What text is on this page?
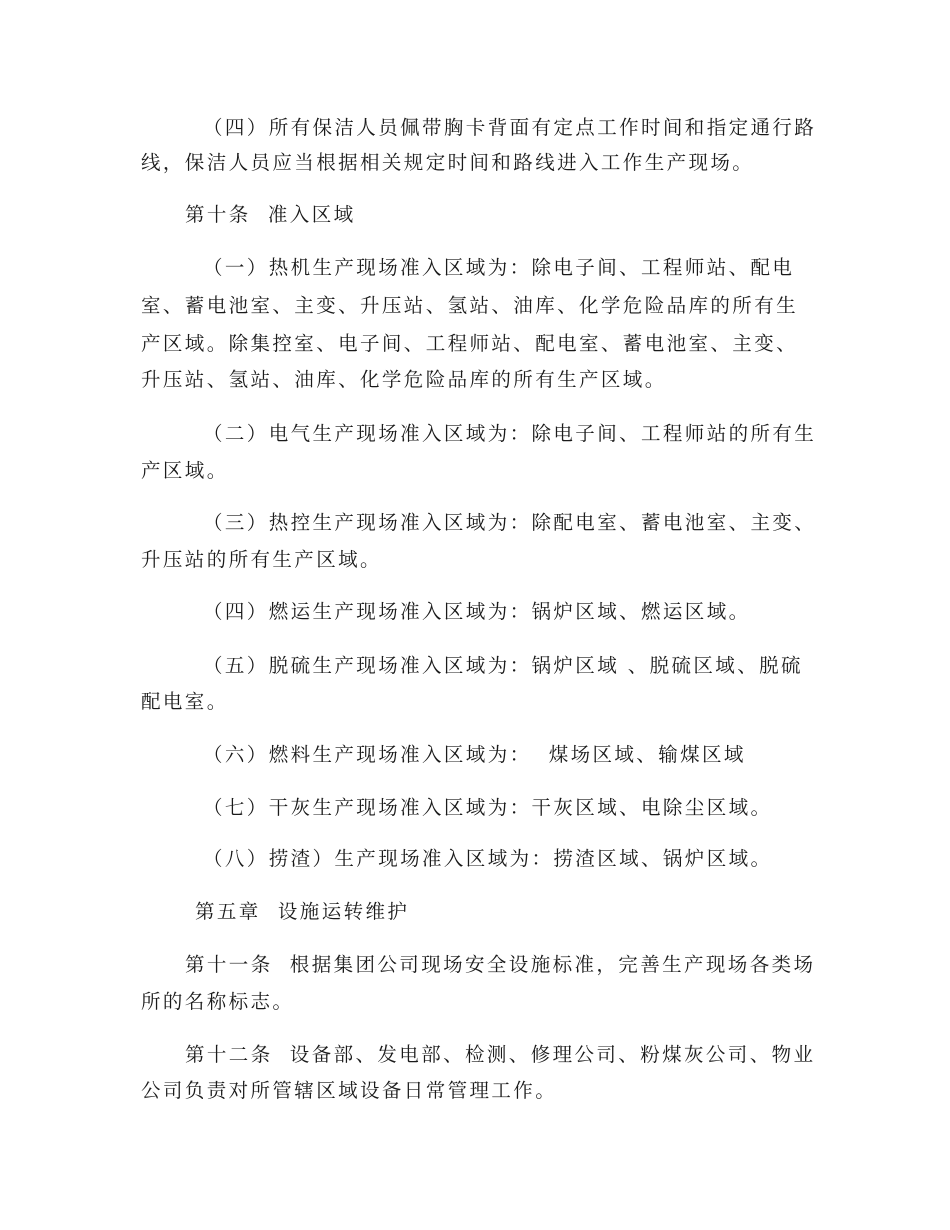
（四）所有保洁人员佩带胸卡背面有定点工作时间和指定通行路
线，保洁人员应当根据相关规定时间和路线进入工作生产现场。
第十条  准入区域
（一）热机生产现场准入区域为：除电子间、工程师站、配电
室、蓄电池室、主变、升压站、氢站、油库、化学危险品库的所有生
产区域。除集控室、电子间、工程师站、配电室、蓄电池室、主变、
升压站、氢站、油库、化学危险品库的所有生产区域。
（二）电气生产现场准入区域为：除电子间、工程师站的所有生
产区域。
（三）热控生产现场准入区域为：除配电室、蓄电池室、主变、
升压站的所有生产区域。
（四）燃运生产现场准入区域为：锅炉区域、燃运区域。
（五）脱硫生产现场准入区域为：锅炉区域 、脱硫区域、脱硫
配电室。
（六）燃料生产现场准入区域为：  煤场区域、输煤区域
（七）干灰生产现场准入区域为：干灰区域、电除尘区域。
（八）捞渣）生产现场准入区域为：捞渣区域、锅炉区域。
第五章  设施运转维护
第十一条  根据集团公司现场安全设施标准，完善生产现场各类场
所的名称标志。
第十二条  设备部、发电部、检测、修理公司、粉煤灰公司、物业
公司负责对所管辖区域设备日常管理工作。
